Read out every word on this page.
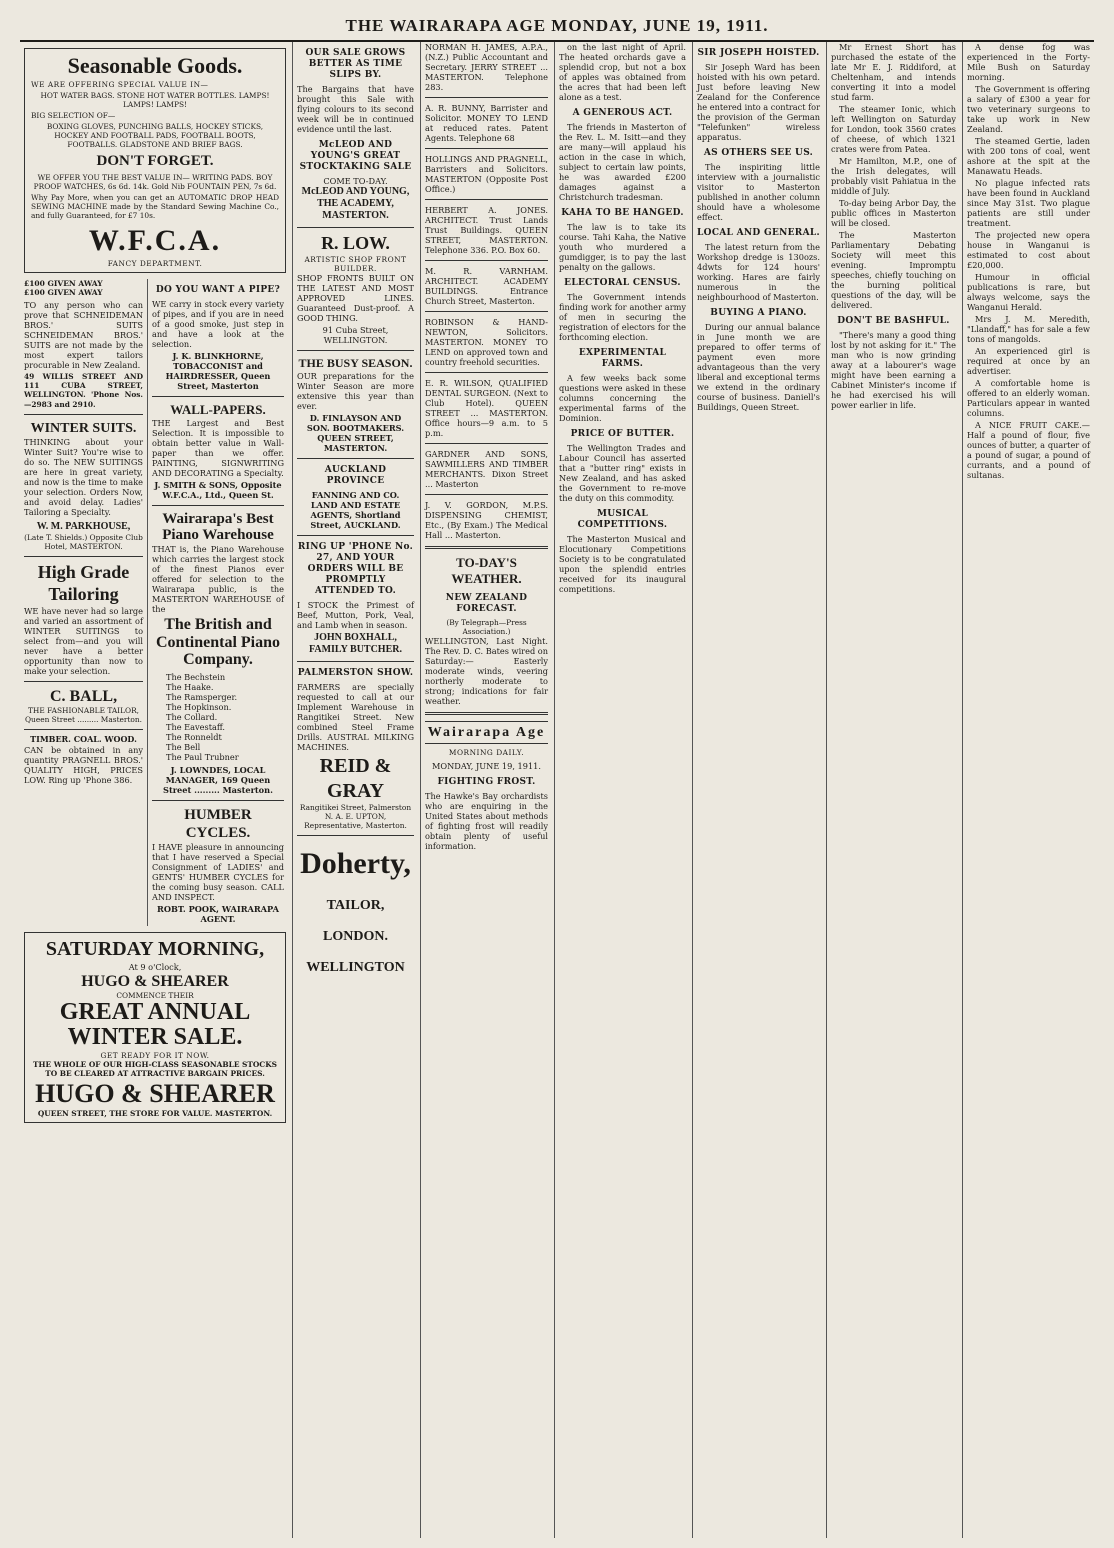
THE WAIRARAPA AGE MONDAY, JUNE 19, 1911.
Seasonable Goods.

WE ARE OFFERING SPECIAL VALUE IN—

HOT WATER BAGS. STONE HOT WATER BOTTLES. LAMPS! LAMPS! LAMPS!

BIG SELECTION OF—

BOXING GLOVES, PUNCHING BALLS, HOCKEY STICKS, HOCKEY AND FOOTBALL PADS, FOOTBALL BOOTS, FOOTBALLS. GLADSTONE AND BRIEF BAGS.

DON'T FORGET.

WE OFFER YOU THE BEST VALUE IN— WRITING PADS. BOY PROOF WATCHES, 6s 6d. 14k. Gold Nib FOUNTAIN PEN, 7s 6d.

Why Pay More, when you can get an AUTOMATIC DROP HEAD SEWING MACHINE made by the Standard Sewing Machine Co., and fully Guaranteed, for £7 10s.

W.F.C.A.
FANCY DEPARTMENT.
£100 GIVEN AWAY
£100 GIVEN AWAY

TO any person who can prove that SCHNEIDEMAN BROS.' SUITS SCHNEIDEMAN BROS.' SUITS are not made by the most expert tailors procurable in New Zealand.

49 WILLIS STREET AND 111 CUBA STREET, WELLINGTON. 'Phone Nos.—2983 and 2910.

WINTER SUITS.

THINKING about your Winter Suit? You're wise to do so. The NEW SUITINGS are here in great variety, and now is the time to make your selection. Orders Now, and avoid delay. Ladies' Tailoring a Specialty.

W. M. PARKHOUSE,

(Late T. Shields.) Opposite Club Hotel, MASTERTON.

High Grade Tailoring

WE have never had so large and varied an assortment of WINTER SUITINGS to select from—and you will never have a better opportunity than now to make your selection.

C. BALL,

THE FASHIONABLE TAILOR, Queen Street ......... Masterton.

TIMBER. COAL. WOOD.

CAN be obtained in any quantity PRAGNELL BROS.' QUALITY HIGH, PRICES LOW. Ring up 'Phone 386.

DO YOU WANT A PIPE?

WE carry in stock every variety of pipes, and if you are in need of a good smoke, just step in and have a look at the selection.

J. K. BLINKHORNE, TOBACCONIST and HAIRDRESSER, Queen Street, Masterton

WALL-PAPERS.

THE Largest and Best Selection. It is impossible to obtain better value in Wall-paper than we offer. PAINTING, SIGNWRITING AND DECORATING a Specialty.

J. SMITH & SONS, Opposite W.F.C.A., Ltd., Queen St.

Wairarapa's Best Piano Warehouse

THAT is, the Piano Warehouse which carries the largest stock of the finest Pianos ever offered for selection to the Wairarapa public, is the MASTERTON WAREHOUSE of the

The British and Continental Piano Company.
The Bechstein
The Haake.
The Ramsperger.
The Hopkinson.
The Collard.
The Eavestaff.
The Ronneldt
The Bell
The Paul Trubner

J. LOWNDES, LOCAL MANAGER, 169 Queen Street ......... Masterton.

HUMBER CYCLES.

I HAVE pleasure in announcing that I have reserved a Special Consignment of LADIES' and GENTS' HUMBER CYCLES for the coming busy season. CALL AND INSPECT.

ROBT. POOK, WAIRARAPA AGENT.

SATURDAY MORNING,
At 9 o'Clock,
HUGO & SHEARER
COMMENCE THEIR
GREAT ANNUAL WINTER SALE.
GET READY FOR IT NOW.
THE WHOLE OF OUR HIGH-CLASS SEASONABLE STOCKS TO BE CLEARED AT ATTRACTIVE BARGAIN PRICES.
HUGO & SHEARER
QUEEN STREET, THE STORE FOR VALUE. MASTERTON.
OUR SALE GROWS BETTER AS TIME SLIPS BY.

The Bargains that have brought this Sale with flying colours to its second week will be in continued evidence until the last.

McLEOD AND YOUNG'S GREAT STOCKTAKING SALE
COME TO-DAY.
McLEOD AND YOUNG, THE ACADEMY, MASTERTON.
R. LOW.
ARTISTIC SHOP FRONT BUILDER.

SHOP FRONTS BUILT ON THE LATEST AND MOST APPROVED LINES. Guaranteed Dust-proof. A GOOD THING.

91 Cuba Street, WELLINGTON.

THE BUSY SEASON.

OUR preparations for the Winter Season are more extensive this year than ever.

D. FINLAYSON AND SON. BOOTMAKERS. QUEEN STREET, MASTERTON.

AUCKLAND PROVINCE

FANNING AND CO. LAND AND ESTATE AGENTS, Shortland Street, AUCKLAND.

RING UP 'PHONE No. 27, AND YOUR ORDERS WILL BE PROMPTLY ATTENDED TO.

I STOCK the Primest of Beef, Mutton, Pork, Veal, and Lamb when in season.

JOHN BOXHALL, FAMILY BUTCHER.
PALMERSTON SHOW.

FARMERS are specially requested to call at our Implement Warehouse in Rangitikei Street. New combined Steel Frame Drills. AUSTRAL MILKING MACHINES.

REID & GRAY

Rangitikei Street, Palmerston N. A. E. UPTON, Representative, Masterton.

Doherty,
TAILOR,
LONDON.
WELLINGTON

NORMAN H. JAMES, A.P.A., (N.Z.) Public Accountant and Secretary. JERRY STREET ... MASTERTON. Telephone 283.

A. R. BUNNY, Barrister and Solicitor. MONEY TO LEND at reduced rates. Patent Agents. Telephone 68

HOLLINGS AND PRAGNELL, Barristers and Solicitors. MASTERTON (Opposite Post Office.)

HERBERT A. JONES. ARCHITECT. Trust Lands Trust Buildings. QUEEN STREET, MASTERTON. Telephone 336. P.O. Box 60.

M. R. VARNHAM. ARCHITECT. ACADEMY BUILDINGS. Entrance Church Street, Masterton.

ROBINSON & HAND-NEWTON, Solicitors. MASTERTON. MONEY TO LEND on approved town and country freehold securities.

E. R. WILSON, QUALIFIED DENTAL SURGEON. (Next to Club Hotel). QUEEN STREET ... MASTERTON. Office hours—9 a.m. to 5 p.m.

GARDNER AND SONS, SAWMILLERS AND TIMBER MERCHANTS. Dixon Street ... Masterton

J. V. GORDON, M.P.S. DISPENSING CHEMIST, Etc., (By Exam.) The Medical Hall ... Masterton.

TO-DAY'S WEATHER.
NEW ZEALAND FORECAST.
(By Telegraph—Press Association.)

WELLINGTON, Last Night. The Rev. D. C. Bates wired on Saturday:— Easterly moderate winds, veering northerly moderate to strong; indications for fair weather.

Wairarapa Age
MORNING DAILY.
MONDAY, JUNE 19, 1911.
FIGHTING FROST.

The Hawke's Bay orchardists who are enquiring in the United States about methods of fighting frost will readily obtain plenty of useful information.

on the last night of April. The heated orchards gave a splendid crop, but not a box of apples was obtained from the acres that had been left alone as a test.

A GENEROUS ACT.

The friends in Masterton of the Rev. L. M. Isitt—and they are many—will applaud his action in the case in which, subject to certain law points, he was awarded £200 damages against a Christchurch tradesman.

KAHA TO BE HANGED.

The law is to take its course. Tahi Kaha, the Native youth who murdered a gumdigger, is to pay the last penalty on the gallows.

ELECTORAL CENSUS.

The Government intends finding work for another army of men in securing the registration of electors for the forthcoming election.

EXPERIMENTAL FARMS.

A few weeks back some questions were asked in these columns concerning the experimental farms of the Dominion.

PRICE OF BUTTER.

The Wellington Trades and Labour Council has asserted that a "butter ring" exists in New Zealand, and has asked the Government to re-move the duty on this commodity.

MUSICAL COMPETITIONS.

The Masterton Musical and Elocutionary Competitions Society is to be congratulated upon the splendid entries received for its inaugural competitions.

SIR JOSEPH HOISTED.

Sir Joseph Ward has been hoisted with his own petard. Just before leaving New Zealand for the Conference he entered into a contract for the provision of the German "Telefunken" wireless apparatus.

AS OTHERS SEE US.

The inspiriting little interview with a journalistic visitor to Masterton published in another column should have a wholesome effect.

LOCAL AND GENERAL.

The latest return from the Workshop dredge is 130ozs. 4dwts for 124 hours' working. Hares are fairly numerous in the neighbourhood of Masterton.

BUYING A PIANO.

During our annual balance in June month we are prepared to offer terms of payment even more advantageous than the very liberal and exceptional terms we extend in the ordinary course of business. Daniell's Buildings, Queen Street.

Mr Ernest Short has purchased the estate of the late Mr E. J. Riddiford, at Cheltenham, and intends converting it into a model stud farm.

The steamer Ionic, which left Wellington on Saturday for London, took 3560 crates of cheese, of which 1321 crates were from Patea.

Mr Hamilton, M.P., one of the Irish delegates, will probably visit Pahiatua in the middle of July.

To-day being Arbor Day, the public offices in Masterton will be closed.

The Masterton Parliamentary Debating Society will meet this evening. Impromptu speeches, chiefly touching on the burning political questions of the day, will be delivered.

DON'T BE BASHFUL.

"There's many a good thing lost by not asking for it." The man who is now grinding away at a labourer's wage might have been earning a Cabinet Minister's income if he had exercised his will power earlier in life.

A dense fog was experienced in the Forty-Mile Bush on Saturday morning.

The Government is offering a salary of £300 a year for two veterinary surgeons to take up work in New Zealand.

The steamed Gertie, laden with 200 tons of coal, went ashore at the spit at the Manawatu Heads.

No plague infected rats have been found in Auckland since May 31st. Two plague patients are still under treatment.

The projected new opera house in Wanganui is estimated to cost about £20,000.

Humour in official publications is rare, but always welcome, says the Wanganui Herald.

Mrs J. M. Meredith, "Llandaff," has for sale a few tons of mangolds.

An experienced girl is required at once by an advertiser.

A comfortable home is offered to an elderly woman. Particulars appear in wanted columns.

A NICE FRUIT CAKE.—Half a pound of flour, five ounces of butter, a quarter of a pound of sugar, a pound of currants, and a pound of sultanas.
